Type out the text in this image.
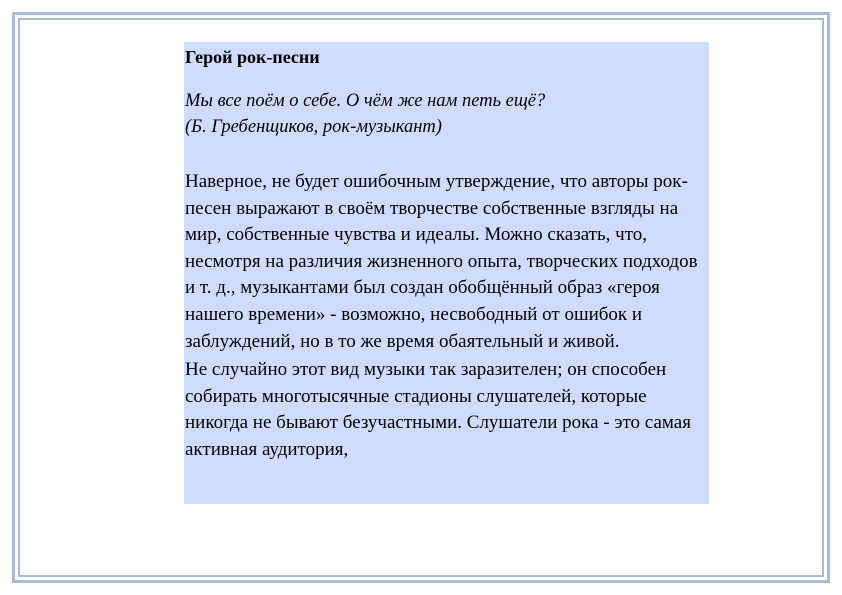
Герой рок-песни

Мы все поём о себе. О чём же нам петь ещё?

(Б. Гребенщиков, рок-музыкант)

Наверное, не будет ошибочным утверждение, что авторы рок-песен выражают в своём творчестве собственные взгляды на мир, собственные чувства и идеалы. Можно сказать, что, несмотря на различия жизненного опыта, творческих подходов и т. д., музыкантами был создан обобщённый образ «героя нашего времени» - возможно, несвободный от ошибок и заблуждений, но в то же время обаятельный и живой.

Не случайно этот вид музыки так заразителен; он способен собирать многотысячные стадионы слушателей, которые никогда не бывают безучастными. Слушатели рока - это самая активная аудитория,
